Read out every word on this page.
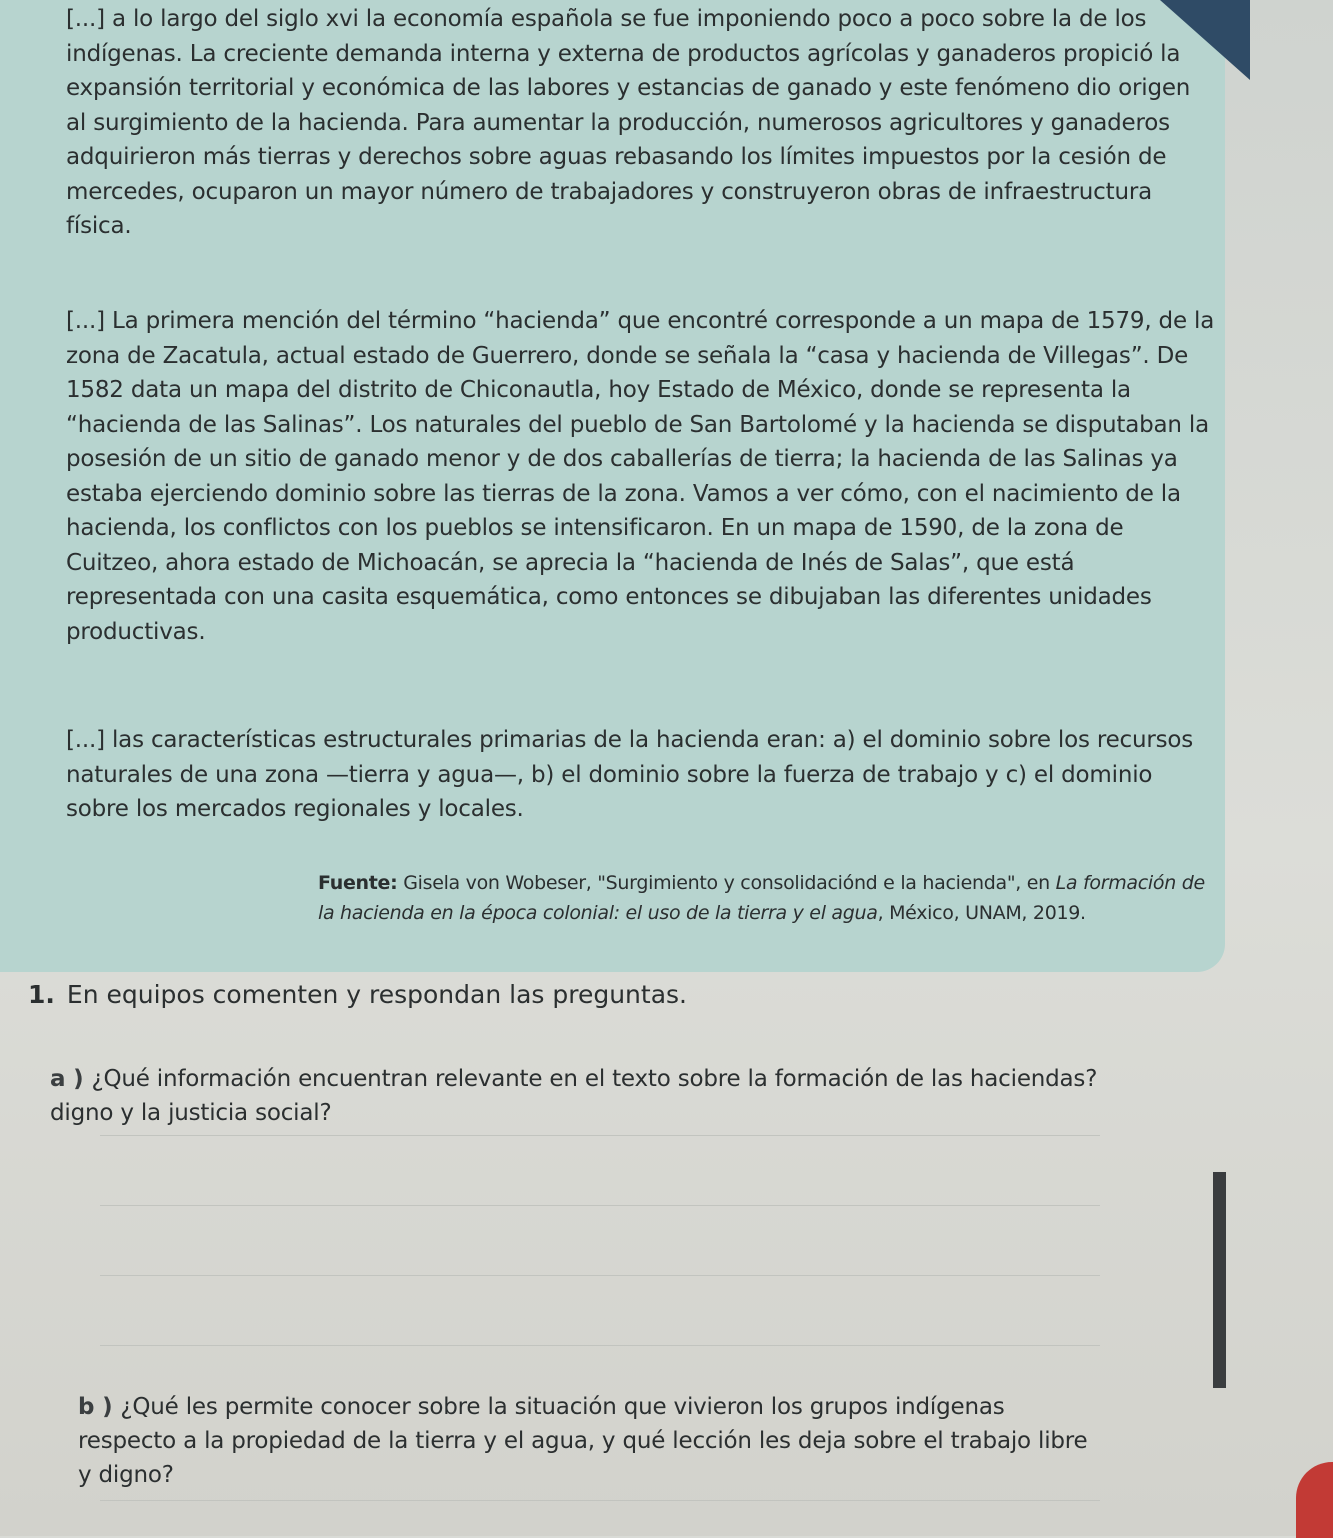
[...] a lo largo del siglo xvi la economía española se fue imponiendo poco a poco sobre la de los indígenas. La creciente demanda interna y externa de productos agrícolas y ganaderos propició la expansión territorial y económica de las labores y estancias de ganado y este fenómeno dio origen al surgimiento de la hacienda. Para aumentar la producción, numerosos agricultores y ganaderos adquirieron más tierras y derechos sobre aguas rebasando los límites impuestos por la cesión de mercedes, ocuparon un mayor número de trabajadores y construyeron obras de infraestructura física.

[...] La primera mención del término “hacienda” que encontré corresponde a un mapa de 1579, de la zona de Zacatula, actual estado de Guerrero, donde se señala la “casa y hacienda de Villegas”. De 1582 data un mapa del distrito de Chiconautla, hoy Estado de México, donde se representa la “hacienda de las Salinas”. Los naturales del pueblo de San Bartolomé y la hacienda se disputaban la posesión de un sitio de ganado menor y de dos caballerías de tierra; la hacienda de las Salinas ya estaba ejerciendo dominio sobre las tierras de la zona. Vamos a ver cómo, con el nacimiento de la hacienda, los conflictos con los pueblos se intensificaron. En un mapa de 1590, de la zona de Cuitzeo, ahora estado de Michoacán, se aprecia la “hacienda de Inés de Salas”, que está representada con una casita esquemática, como entonces se dibujaban las diferentes unidades productivas.

[...] las características estructurales primarias de la hacienda eran: a) el dominio sobre los recursos naturales de una zona —tierra y agua—, b) el dominio sobre la fuerza de trabajo y c) el dominio sobre los mercados regionales y locales.

Fuente: Gisela von Wobeser, "Surgimiento y consolidaciónd e la hacienda", en La formación de la hacienda en la época colonial: el uso de la tierra y el agua, México, UNAM, 2019.

1. En equipos comenten y respondan las preguntas.

a ) ¿Qué información encuentran relevante en el texto sobre la formación de las haciendas? digno y la justicia social?

b ) ¿Qué les permite conocer sobre la situación que vivieron los grupos indígenas respecto a la propiedad de la tierra y el agua, y qué lección les deja sobre el trabajo libre y digno?
